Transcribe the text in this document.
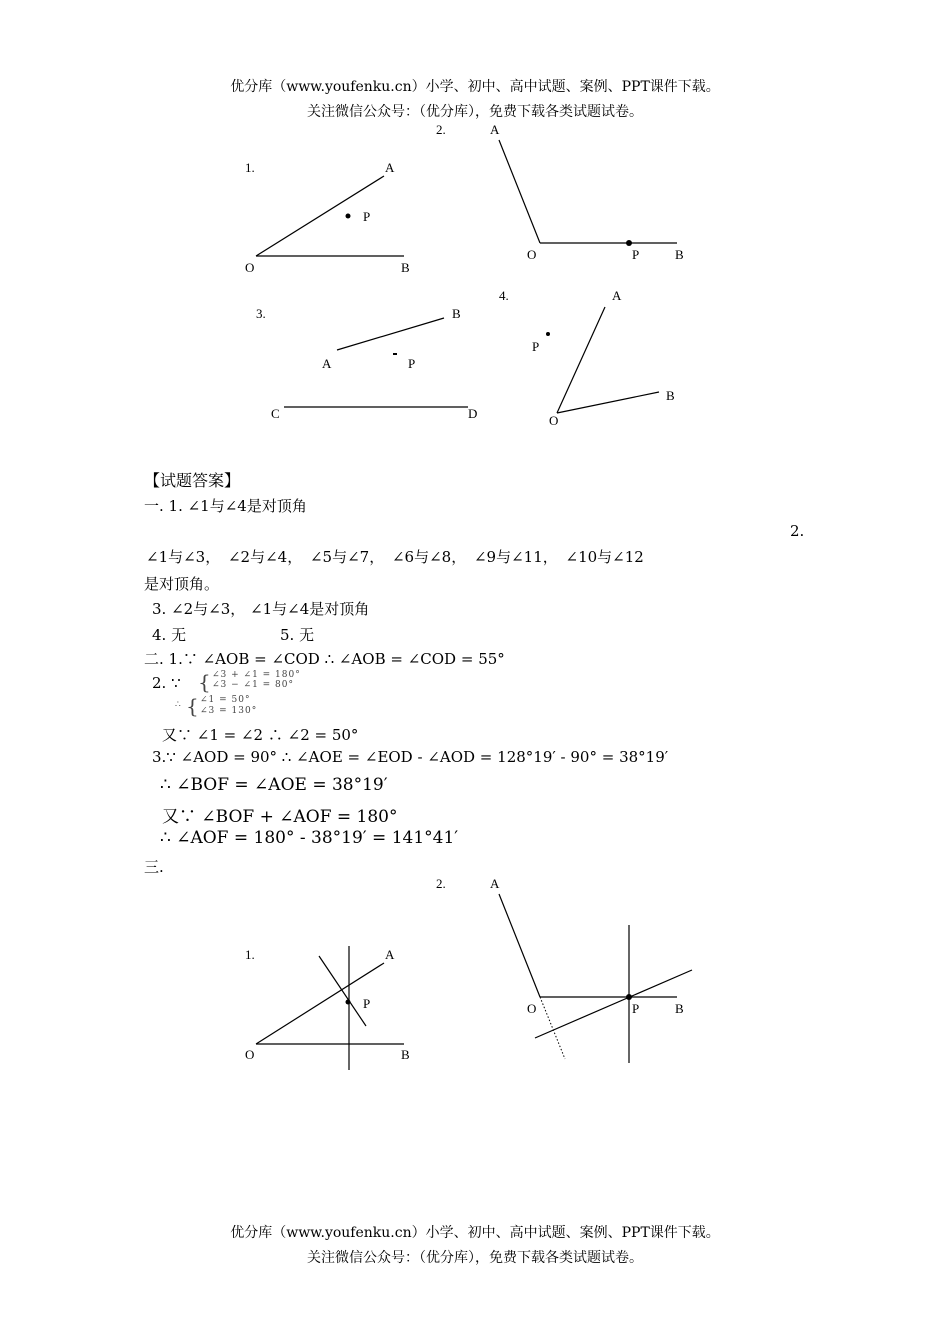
优分库（www.youfenku.cn）小学、初中、高中试题、案例、PPT课件下载。
关注微信公众号：（优分库），免费下载各类试题试卷。
1.	A
P
O	B
2.	A
O	P	B
3.	B
A	P
C	D
4.	A
P
B
O
【试题答案】
一. 1. ∠1与∠4是对顶角
2.
∠1与∠3， ∠2与∠4， ∠5与∠7， ∠6与∠8， ∠9与∠11， ∠10与∠12
是对顶角。
3. ∠2与∠3， ∠1与∠4是对顶角
4. 无	5. 无
二. 1.∵ ∠AOB = ∠COD ∴ ∠AOB = ∠COD = 55°
2. ∵ { ∠3 + ∠1 = 180°
∠3 − ∠1 = 80°
∴ { ∠1 = 50°
∠3 = 130°
又∵ ∠1 = ∠2 ∴ ∠2 = 50°
3.∵ ∠AOD = 90° ∴ ∠AOE = ∠EOD - ∠AOD = 128°19′ - 90° = 38°19′
∴ ∠BOF = ∠AOE = 38°19′
又∵ ∠BOF + ∠AOF = 180°
∴ ∠AOF = 180° - 38°19′ = 141°41′
三.
2.	A
O	P	B
1.	A
P
O	B
优分库（www.youfenku.cn）小学、初中、高中试题、案例、PPT课件下载。
关注微信公众号：（优分库），免费下载各类试题试卷。
